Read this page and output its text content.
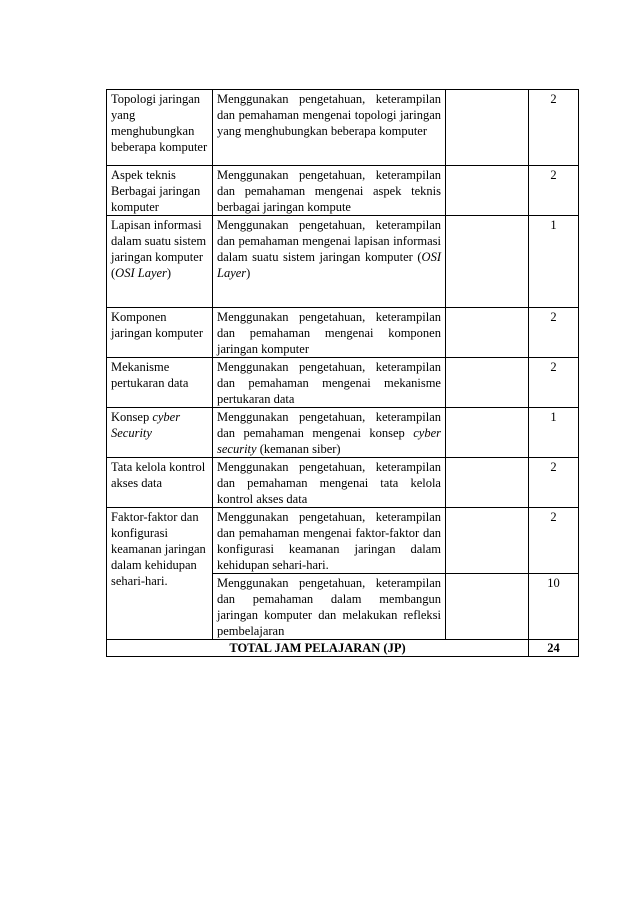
Topologi jaringan yang menghubungkan beberapa komputer	Menggunakan pengetahuan, keterampilan dan pemahaman mengenai topologi jaringan yang menghubungkan beberapa komputer		2
Aspek teknis Berbagai jaringan komputer	Menggunakan pengetahuan, keterampilan dan pemahaman mengenai aspek teknis berbagai jaringan kompute		2
Lapisan informasi dalam suatu sistem jaringan komputer (OSI Layer)	Menggunakan pengetahuan, keterampilan dan pemahaman mengenai lapisan informasi dalam suatu sistem jaringan komputer (OSI Layer)		1
Komponen jaringan komputer	Menggunakan pengetahuan, keterampilan dan pemahaman mengenai komponen jaringan komputer		2
Mekanisme pertukaran data	Menggunakan pengetahuan, keterampilan dan pemahaman mengenai mekanisme pertukaran data		2
Konsep cyber Security	Menggunakan pengetahuan, keterampilan dan pemahaman mengenai konsep cyber security (kemanan siber)		1
Tata kelola kontrol akses data	Menggunakan pengetahuan, keterampilan dan pemahaman mengenai tata kelola kontrol akses data		2
Faktor-faktor dan konfigurasi keamanan jaringan dalam kehidupan sehari-hari.	Menggunakan pengetahuan, keterampilan dan pemahaman mengenai faktor-faktor dan konfigurasi keamanan jaringan dalam kehidupan sehari-hari.		2
	Menggunakan pengetahuan, keterampilan dan pemahaman dalam membangun jaringan komputer dan melakukan refleksi pembelajaran		10
TOTAL JAM PELAJARAN (JP)			24
